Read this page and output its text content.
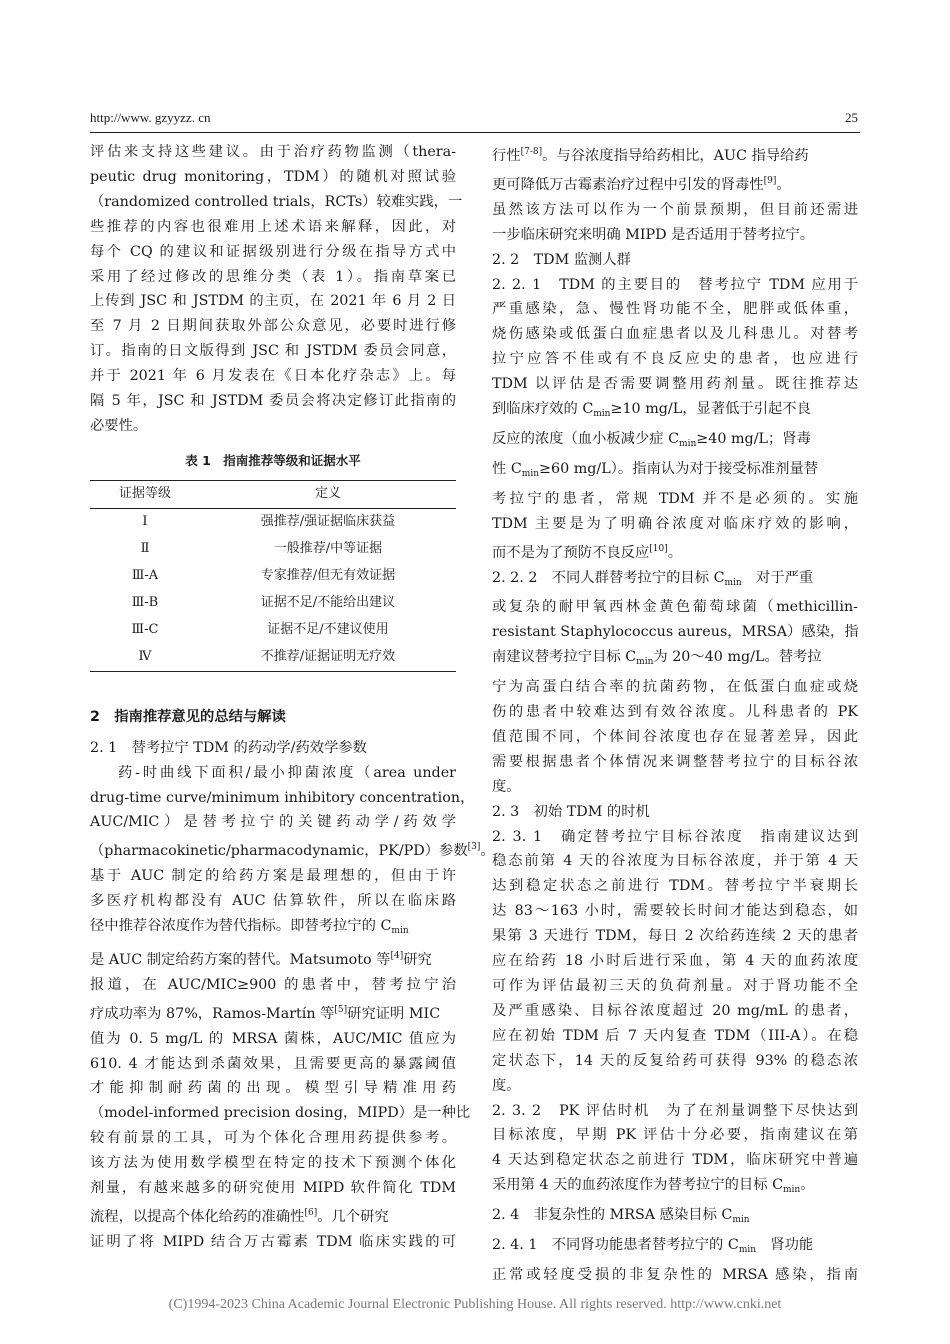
http://www. gzyyzz. cn	25
评估来支持这些建议。由于治疗药物监测（thera-
peutic drug monitoring，TDM）的随机对照试验
（randomized controlled trials，RCTs）较难实践，一
些推荐的内容也很难用上述术语来解释，因此，对
每个 CQ 的建议和证据级别进行分级在指导方式中
采用了经过修改的思维分类（表 1）。指南草案已
上传到 JSC 和 JSTDM 的主页，在 2021 年 6 月 2 日
至 7 月 2 日期间获取外部公众意见，必要时进行修
订。指南的日文版得到 JSC 和 JSTDM 委员会同意，
并于 2021 年 6 月发表在《日本化疗杂志》上。每
隔 5 年，JSC 和 JSTDM 委员会将决定修订此指南的
必要性。
表 1　指南推荐等级和证据水平
证据等级	定义
Ⅰ	强推荐/强证据临床获益
Ⅱ	一般推荐/中等证据
Ⅲ-A	专家推荐/但无有效证据
Ⅲ-B	证据不足/不能给出建议
Ⅲ-C	证据不足/不建议使用
Ⅳ	不推荐/证据证明无疗效
2　指南推荐意见的总结与解读
2. 1　替考拉宁 TDM 的药动学/药效学参数
药-时曲线下面积/最小抑菌浓度（area under
drug-time curve/minimum inhibitory concentration，
AUC/MIC）是替考拉宁的关键药动学/药效学
（pharmacokinetic/pharmacodynamic，PK/PD）参数[3]。
基于 AUC 制定的给药方案是最理想的，但由于许
多医疗机构都没有 AUC 估算软件，所以在临床路
径中推荐谷浓度作为替代指标。即替考拉宁的 $C_{min}$
是 AUC 制定给药方案的替代。Matsumoto 等[4]研究
报道，在 AUC/MIC≥900 的患者中，替考拉宁治
疗成功率为 87%，Ramos-Martín 等[5]研究证明 MIC
值为 0. 5 mg/L 的 MRSA 菌株，AUC/MIC 值应为
610. 4 才能达到杀菌效果，且需要更高的暴露阈值
才能抑制耐药菌的出现。模型引导精准用药
（model-informed precision dosing，MIPD）是一种比
较有前景的工具，可为个体化合理用药提供参考。
该方法为使用数学模型在特定的技术下预测个体化
剂量，有越来越多的研究使用 MIPD 软件简化 TDM
流程，以提高个体化给药的准确性[6]。几个研究
证明了将 MIPD 结合万古霉素 TDM 临床实践的可
行性[7-8]。与谷浓度指导给药相比，AUC 指导给药
更可降低万古霉素治疗过程中引发的肾毒性[9]。
虽然该方法可以作为一个前景预期，但目前还需进
一步临床研究来明确 MIPD 是否适用于替考拉宁。
2. 2　TDM 监测人群
2. 2. 1　TDM 的主要目的　替考拉宁 TDM 应用于
严重感染，急、慢性肾功能不全，肥胖或低体重，
烧伤感染或低蛋白血症患者以及儿科患儿。对替考
拉宁应答不佳或有不良反应史的患者，也应进行
TDM 以评估是否需要调整用药剂量。既往推荐达
到临床疗效的 $C_{min}\ge 10$ mg/L，显著低于引起不良
反应的浓度（血小板减少症 $C_{min}\ge 40$ mg/L；肾毒
性 $C_{min}\ge 60$ mg/L）。指南认为对于接受标准剂量替
考拉宁的患者，常规 TDM 并不是必须的。实施
TDM 主要是为了明确谷浓度对临床疗效的影响，
而不是为了预防不良反应[10]。
2. 2. 2　不同人群替考拉宁的目标 $C_{min}$　对于严重
或复杂的耐甲氧西林金黄色葡萄球菌（methicillin-
resistant Staphylococcus aureus，MRSA）感染，指
南建议替考拉宁目标 $C_{min}$为 20～40 mg/L。替考拉
宁为高蛋白结合率的抗菌药物，在低蛋白血症或烧
伤的患者中较难达到有效谷浓度。儿科患者的 PK
值范围不同，个体间谷浓度也存在显著差异，因此
需要根据患者个体情况来调整替考拉宁的目标谷浓
度。
2. 3　初始 TDM 的时机
2. 3. 1　确定替考拉宁目标谷浓度　指南建议达到
稳态前第 4 天的谷浓度为目标谷浓度，并于第 4 天
达到稳定状态之前进行 TDM。替考拉宁半衰期长
达 83～163 小时，需要较长时间才能达到稳态，如
果第 3 天进行 TDM，每日 2 次给药连续 2 天的患者
应在给药 18 小时后进行采血，第 4 天的血药浓度
可作为评估最初三天的负荷剂量。对于肾功能不全
及严重感染、目标谷浓度超过 20 mg/mL 的患者，
应在初始 TDM 后 7 天内复查 TDM（III-A）。在稳
定状态下，14 天的反复给药可获得 93% 的稳态浓
度。
2. 3. 2　PK 评估时机　为了在剂量调整下尽快达到
目标浓度，早期 PK 评估十分必要，指南建议在第
4 天达到稳定状态之前进行 TDM，临床研究中普遍
采用第 4 天的血药浓度作为替考拉宁的目标 $C_{min}$。
2. 4　非复杂性的 MRSA 感染目标 $C_{min}$
2. 4. 1　不同肾功能患者替考拉宁的 $C_{min}$　肾功能
正常或轻度受损的非复杂性的 MRSA 感染，指南
(C)1994-2023 China Academic Journal Electronic Publishing House. All rights reserved. http://www.cnki.net
